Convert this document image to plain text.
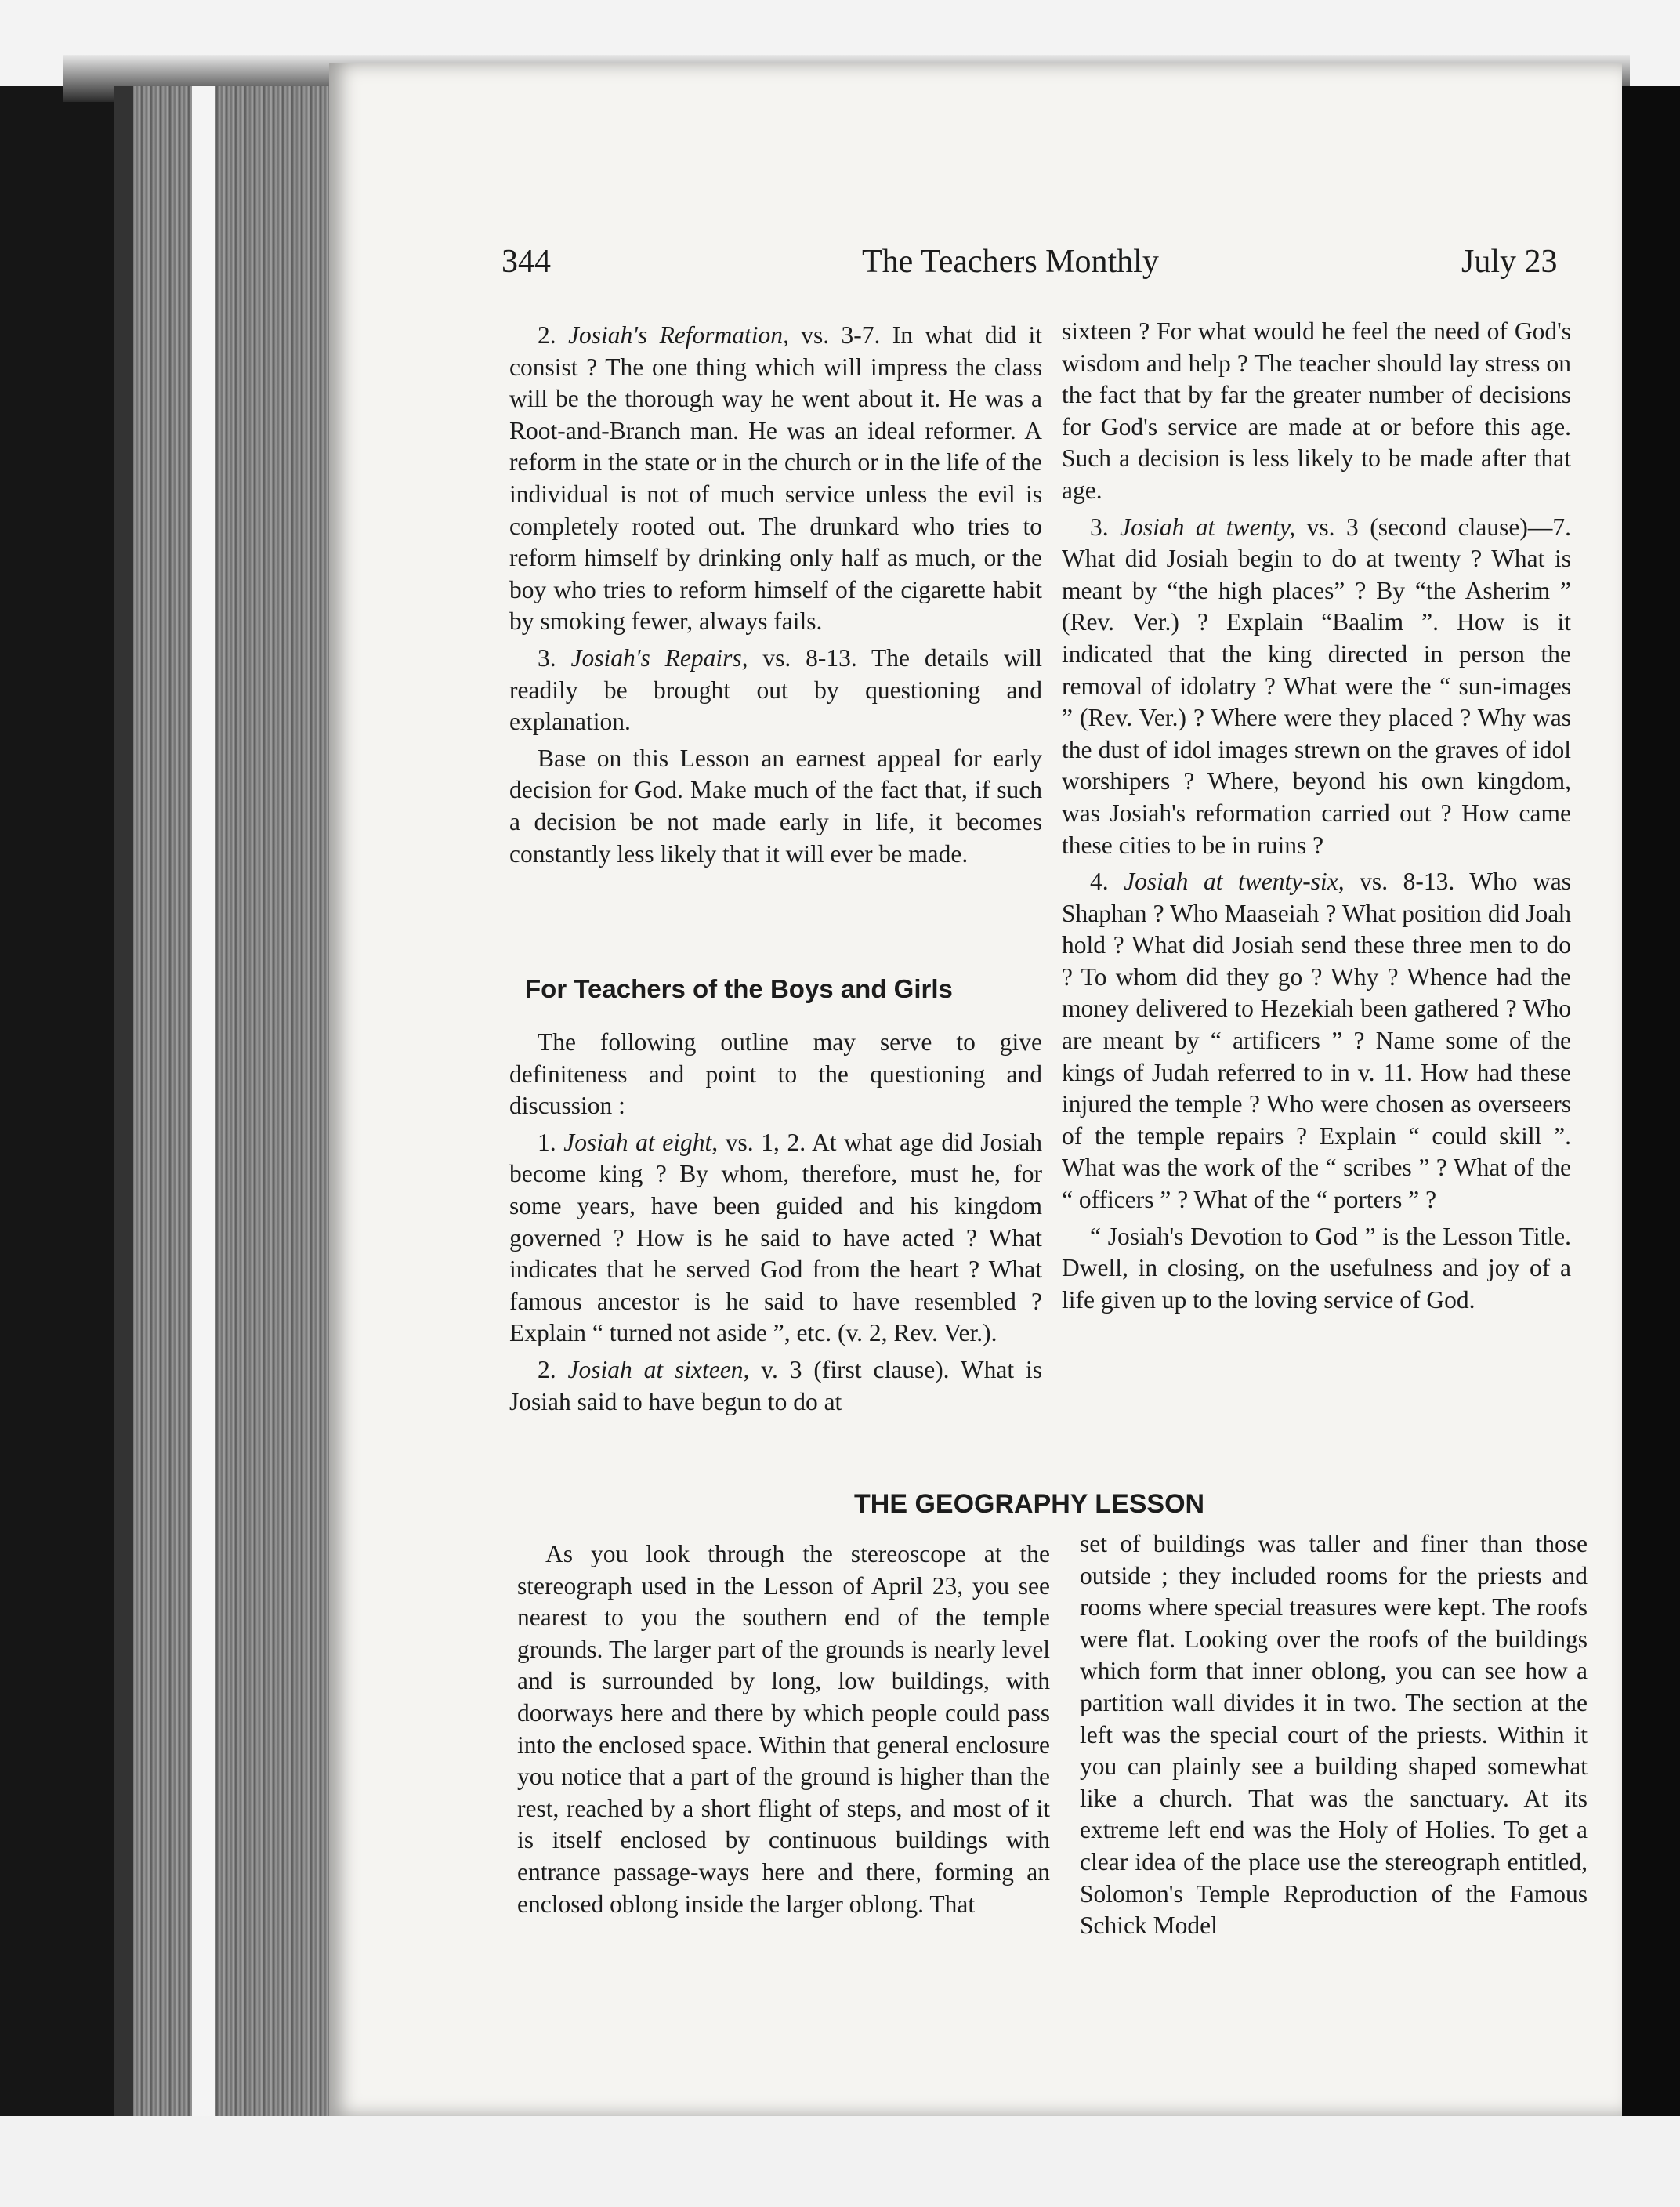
344	The Teachers Monthly	July 23

2. Josiah's Reformation, vs. 3-7. In what did it consist ? The one thing which will impress the class will be the thorough way he went about it. He was a Root-and-Branch man. He was an ideal reformer. A reform in the state or in the church or in the life of the individual is not of much service unless the evil is completely rooted out. The drunkard who tries to reform himself by drinking only half as much, or the boy who tries to reform himself of the cigarette habit by smoking fewer, always fails.

3. Josiah's Repairs, vs. 8-13. The details will readily be brought out by questioning and explanation.

Base on this Lesson an earnest appeal for early decision for God. Make much of the fact that, if such a decision be not made early in life, it becomes constantly less likely that it will ever be made.

For Teachers of the Boys and Girls

The following outline may serve to give definiteness and point to the questioning and discussion :

1. Josiah at eight, vs. 1, 2. At what age did Josiah become king ? By whom, therefore, must he, for some years, have been guided and his kingdom governed ? How is he said to have acted ? What indicates that he served God from the heart ? What famous ancestor is he said to have resembled ? Explain “ turned not aside ”, etc. (v. 2, Rev. Ver.).

2. Josiah at sixteen, v. 3 (first clause). What is Josiah said to have begun to do at

sixteen ? For what would he feel the need of God's wisdom and help ? The teacher should lay stress on the fact that by far the greater number of decisions for God's service are made at or before this age. Such a decision is less likely to be made after that age.

3. Josiah at twenty, vs. 3 (second clause)—7. What did Josiah begin to do at twenty ? What is meant by “the high places” ? By “the Asherim ” (Rev. Ver.) ? Explain “Baalim ”. How is it indicated that the king directed in person the removal of idolatry ? What were the “ sun-images ” (Rev. Ver.) ? Where were they placed ? Why was the dust of idol images strewn on the graves of idol worshipers ? Where, beyond his own kingdom, was Josiah's reformation carried out ? How came these cities to be in ruins ?

4. Josiah at twenty-six, vs. 8-13. Who was Shaphan ? Who Maaseiah ? What position did Joah hold ? What did Josiah send these three men to do ? To whom did they go ? Why ? Whence had the money delivered to Hezekiah been gathered ? Who are meant by “ artificers ” ? Name some of the kings of Judah referred to in v. 11. How had these injured the temple ? Who were chosen as overseers of the temple repairs ? Explain “ could skill ”. What was the work of the “ scribes ” ? What of the “ officers ” ? What of the “ porters ” ?

“ Josiah's Devotion to God ” is the Lesson Title. Dwell, in closing, on the usefulness and joy of a life given up to the loving service of God.

THE GEOGRAPHY LESSON

As you look through the stereoscope at the stereograph used in the Lesson of April 23, you see nearest to you the southern end of the temple grounds. The larger part of the grounds is nearly level and is surrounded by long, low buildings, with doorways here and there by which people could pass into the enclosed space. Within that general enclosure you notice that a part of the ground is higher than the rest, reached by a short flight of steps, and most of it is itself enclosed by continuous buildings with entrance passage-ways here and there, forming an enclosed oblong inside the larger oblong. That

set of buildings was taller and finer than those outside ; they included rooms for the priests and rooms where special treasures were kept. The roofs were flat. Looking over the roofs of the buildings which form that inner oblong, you can see how a partition wall divides it in two. The section at the left was the special court of the priests. Within it you can plainly see a building shaped somewhat like a church. That was the sanctuary. At its extreme left end was the Holy of Holies. To get a clear idea of the place use the stereograph entitled, Solomon's Temple Reproduction of the Famous Schick Model
